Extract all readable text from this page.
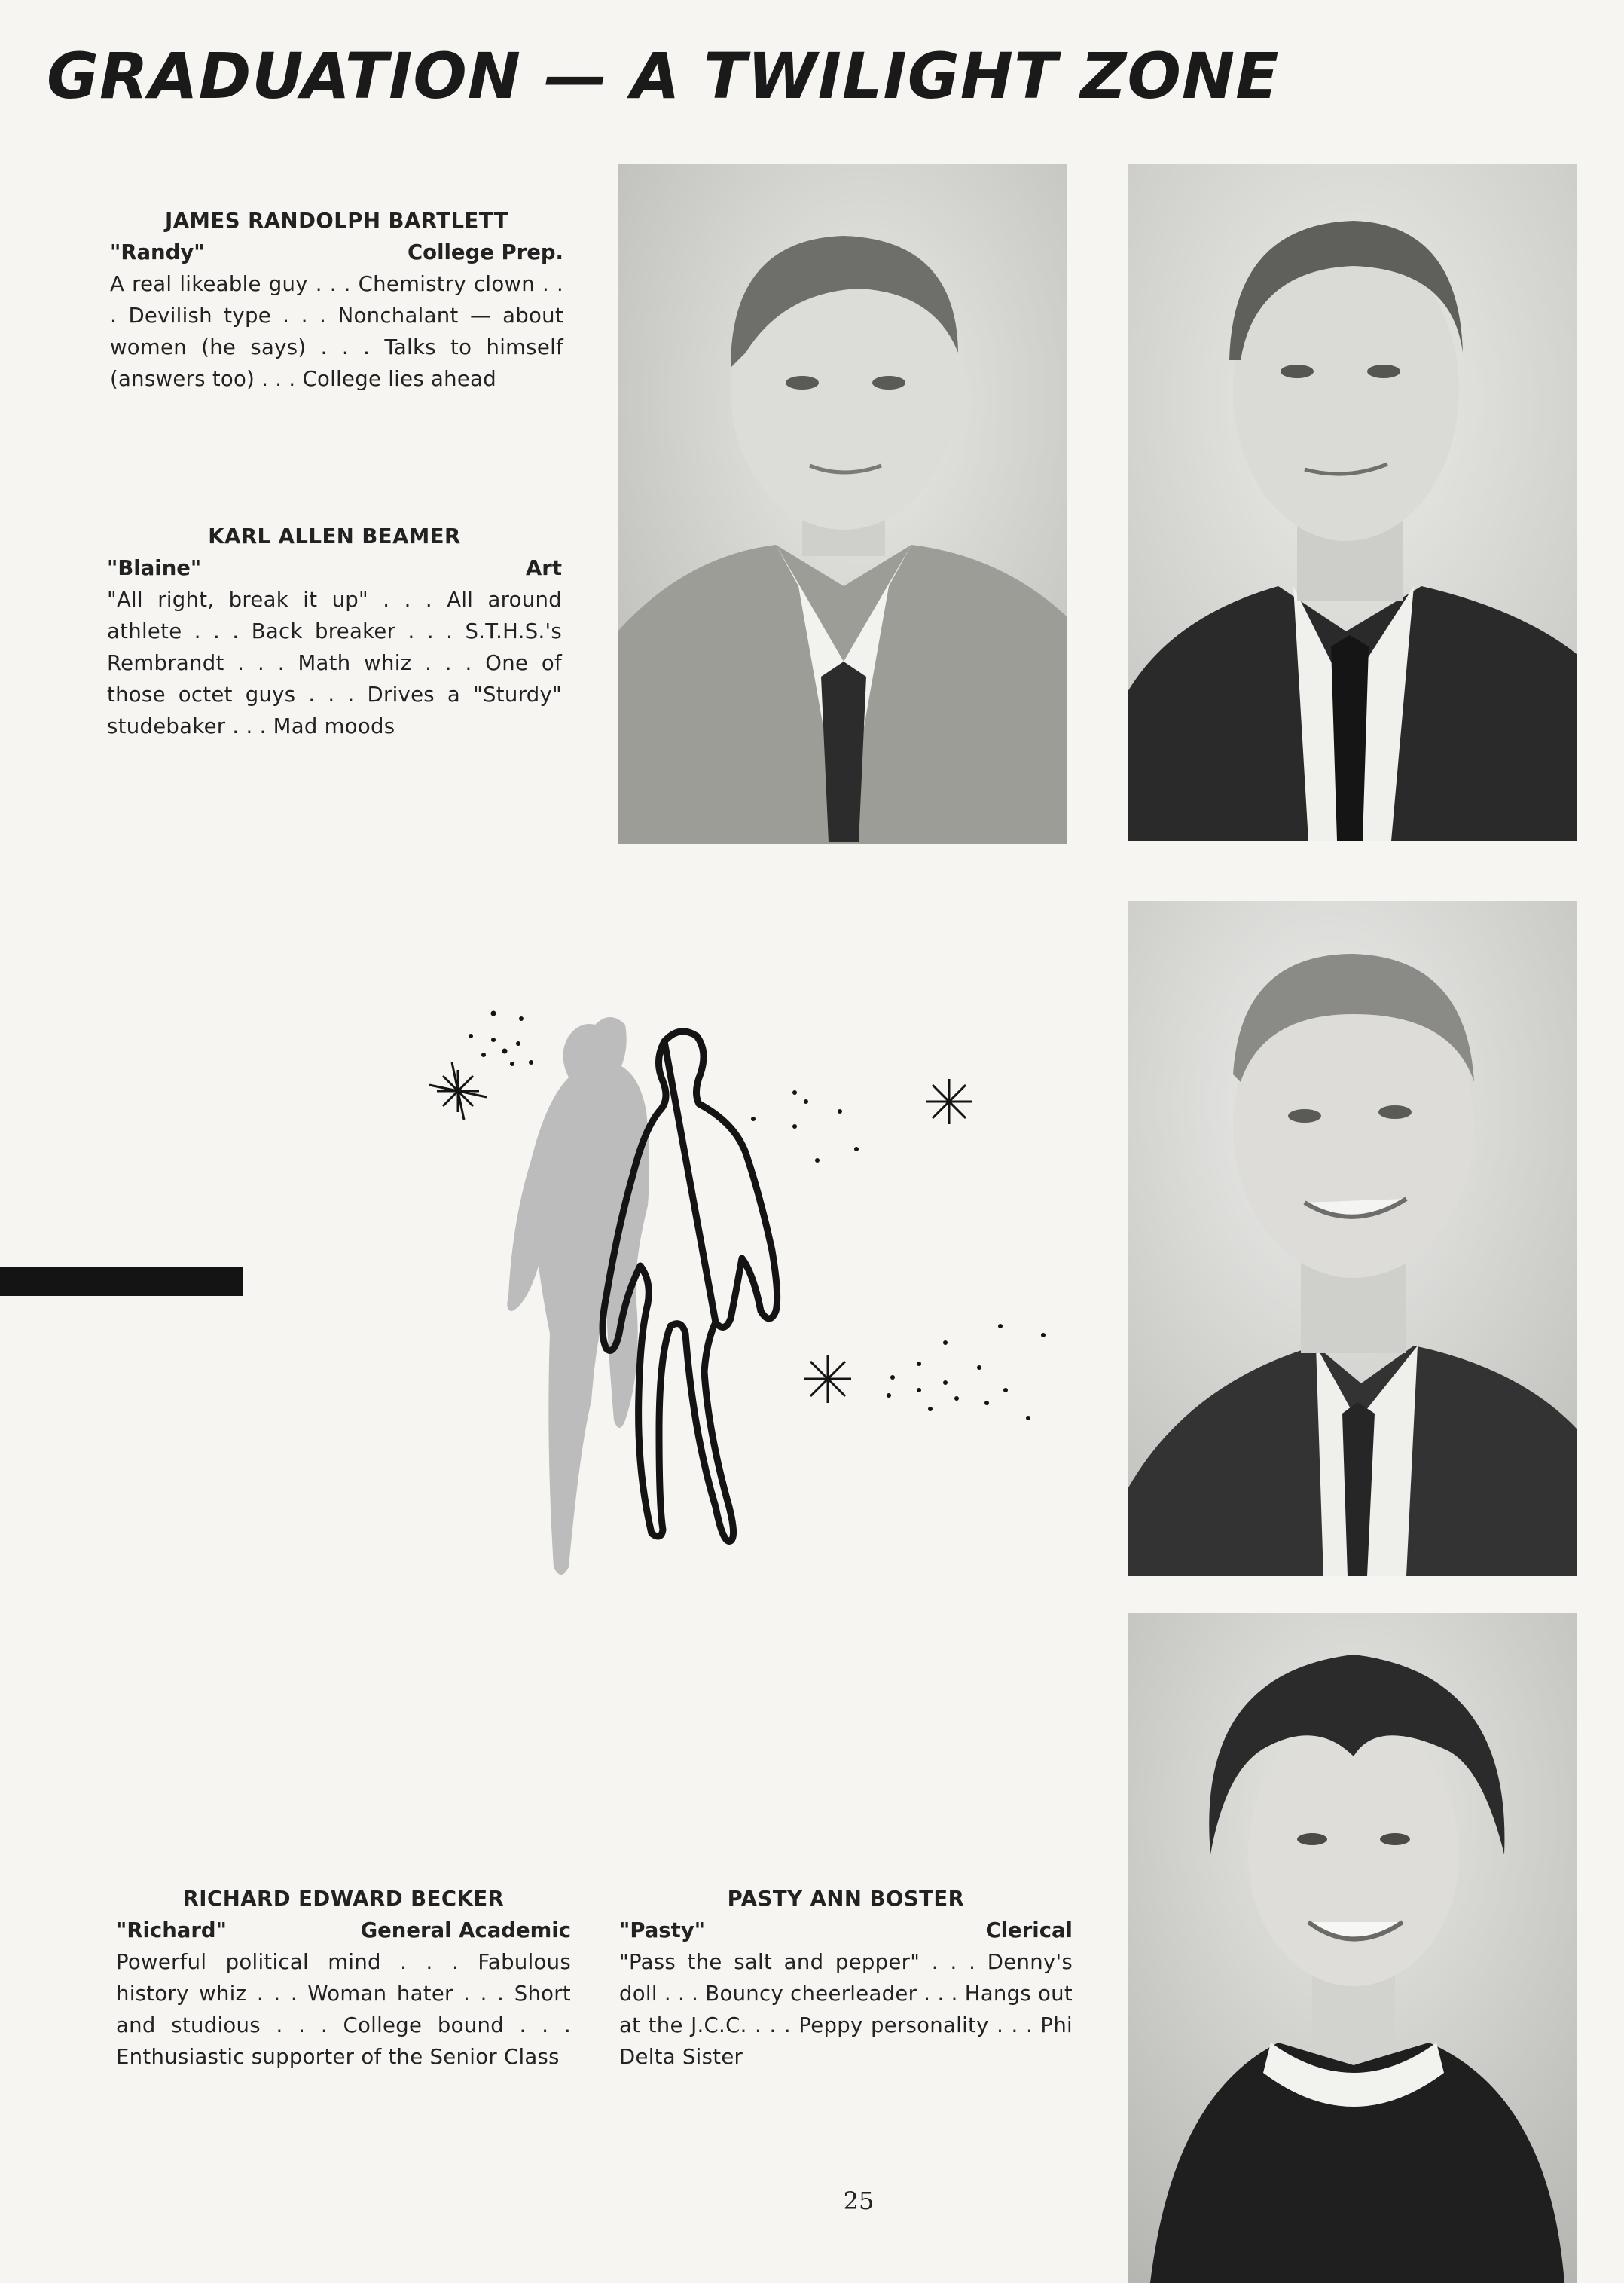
GRADUATION — A TWILIGHT ZONE
JAMES RANDOLPH BARTLETT
"Randy"	College Prep.
A real likeable guy . . . Chemistry clown . . . Devilish type . . . Nonchalant — about women (he says) . . . Talks to himself (answers too) . . . College lies ahead
KARL ALLEN BEAMER
"Blaine"	Art
"All right, break it up" . . . All around athlete . . . Back breaker . . . S.T.H.S.'s Rembrandt . . . Math whiz . . . One of those octet guys . . . Drives a "Sturdy" studebaker . . . Mad moods
RICHARD EDWARD BECKER
"Richard"	General Academic
Powerful political mind . . . Fabulous history whiz . . . Woman hater . . . Short and studious . . . College bound . . . Enthusiastic supporter of the Senior Class
PASTY ANN BOSTER
"Pasty"	Clerical
"Pass the salt and pepper" . . . Denny's doll . . . Bouncy cheerleader . . . Hangs out at the J.C.C. . . . Peppy personality . . . Phi Delta Sister
25
